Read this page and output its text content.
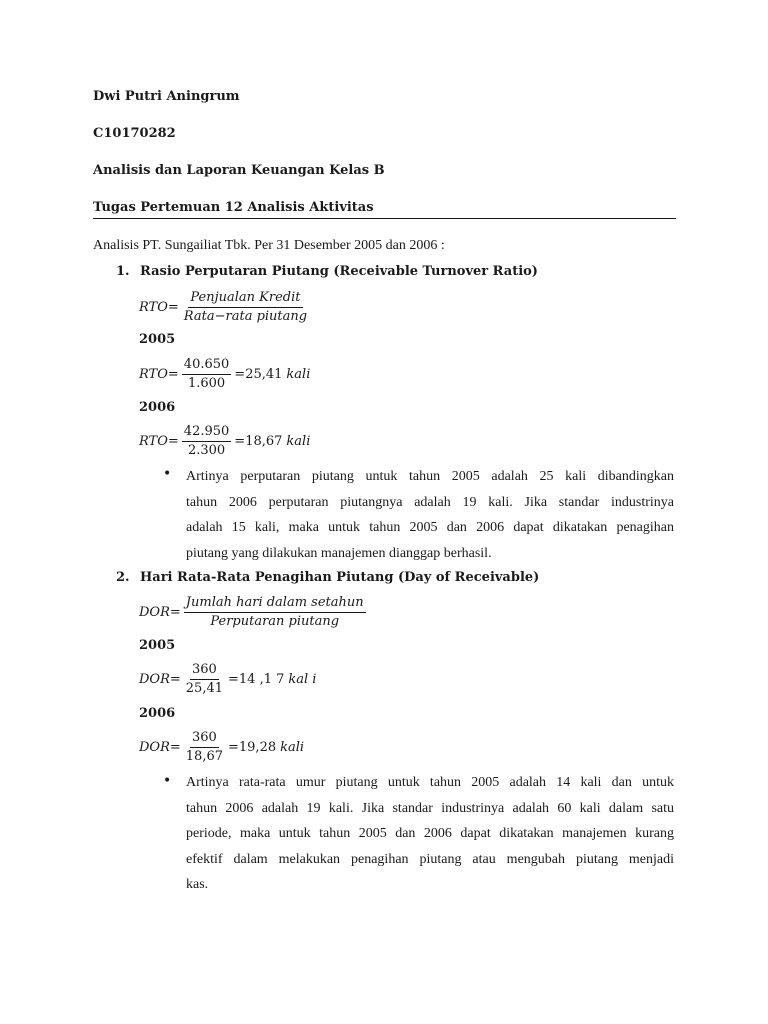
Dwi Putri Aningrum
C10170282
Analisis dan Laporan Keuangan Kelas B
Tugas Pertemuan 12 Analisis Aktivitas
Analisis PT. Sungailiat Tbk. Per 31 Desember 2005 dan 2006 :
1. Rasio Perputaran Piutang (Receivable Turnover Ratio)
RTO = $\frac{\text{Penjualan Kredit}}{\text{Rata−rata piutang}}$
2005
RTO = $\frac{40.650}{1.600} =25,41$ kali
2006
RTO = $\frac{42.950}{2.300} =18,67$ kali
• Artinya perputaran piutang untuk tahun 2005 adalah 25 kali dibandingkan
tahun 2006 perputaran piutangnya adalah 19 kali. Jika standar industrinya
adalah 15 kali, maka untuk tahun 2005 dan 2006 dapat dikatakan penagihan
piutang yang dilakukan manajemen dianggap berhasil.
2. Hari Rata-Rata Penagihan Piutang (Day of Receivable)
DOR = $\frac{\text{Jumlah hari dalam setahun}}{\text{Perputaran piutang}}$
2005
DOR = $\frac{360}{25,41} =14$ ,1 7 kal i
2006
DOR = $\frac{360}{18,67} =19,28$ kali
• Artinya rata-rata umur piutang untuk tahun 2005 adalah 14 kali dan untuk
tahun 2006 adalah 19 kali. Jika standar industrinya adalah 60 kali dalam satu
periode, maka untuk tahun 2005 dan 2006 dapat dikatakan manajemen kurang
efektif dalam melakukan penagihan piutang atau mengubah piutang menjadi
kas.
